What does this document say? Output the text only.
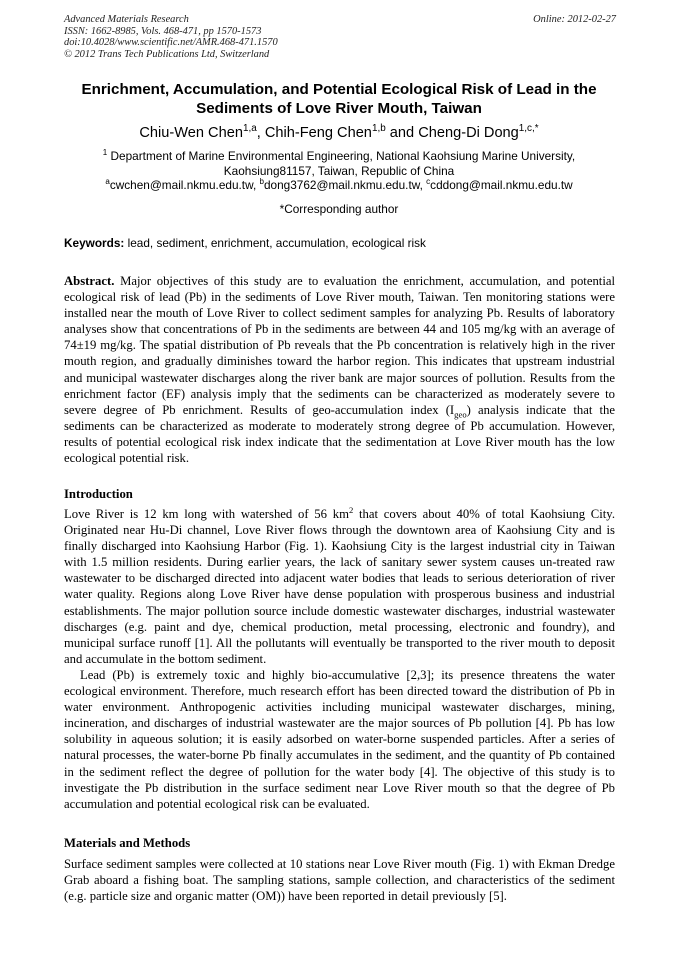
Advanced Materials Research
ISSN: 1662-8985, Vols. 468-471, pp 1570-1573
doi:10.4028/www.scientific.net/AMR.468-471.1570
© 2012 Trans Tech Publications Ltd, Switzerland
Online: 2012-02-27
Enrichment, Accumulation, and Potential Ecological Risk of Lead in the Sediments of Love River Mouth, Taiwan
Chiu-Wen Chen$^{1,a}$, Chih-Feng Chen$^{1,b}$ and Cheng-Di Dong$^{1,c,*}$
$^1$ Department of Marine Environmental Engineering, National Kaohsiung Marine University,
Kaohsiung81157, Taiwan, Republic of China
$^a$cwchen@mail.nkmu.edu.tw, $^b$dong3762@mail.nkmu.edu.tw, $^c$cddong@mail.nkmu.edu.tw
*Corresponding author
Keywords: lead, sediment, enrichment, accumulation, ecological risk

Abstract. Major objectives of this study are to evaluation the enrichment, accumulation, and potential ecological risk of lead (Pb) in the sediments of Love River mouth, Taiwan. Ten monitoring stations were installed near the mouth of Love River to collect sediment samples for analyzing Pb. Results of laboratory analyses show that concentrations of Pb in the sediments are between 44 and 105 mg/kg with an average of 74±19 mg/kg. The spatial distribution of Pb reveals that the Pb concentration is relatively high in the river mouth region, and gradually diminishes toward the harbor region. This indicates that upstream industrial and municipal wastewater discharges along the river bank are major sources of pollution. Results from the enrichment factor (EF) analysis imply that the sediments can be characterized as moderately severe to severe degree of Pb enrichment. Results of geo-accumulation index $(I_{geo})$ analysis indicate that the sediments can be characterized as moderate to moderately strong degree of Pb accumulation. However, results of potential ecological risk index indicate that the sedimentation at Love River mouth has the low ecological potential risk.

Introduction

Love River is 12 km long with watershed of 56 $km^2$ that covers about 40% of total Kaohsiung City. Originated near Hu-Di channel, Love River flows through the downtown area of Kaohsiung City and is finally discharged into Kaohsiung Harbor (Fig. 1). Kaohsiung City is the largest industrial city in Taiwan with 1.5 million residents. During earlier years, the lack of sanitary sewer system causes un-treated raw wastewater to be discharged directed into adjacent water bodies that leads to serious deterioration of river water quality. Regions along Love River have dense population with prosperous business and industrial establishments. The major pollution source include domestic wastewater discharges, industrial wastewater discharges (e.g. paint and dye, chemical production, metal processing, electronic and foundry), and municipal surface runoff [1]. All the pollutants will eventually be transported to the river mouth to deposit and accumulate in the bottom sediment.

Lead (Pb) is extremely toxic and highly bio-accumulative [2,3]; its presence threatens the water ecological environment. Therefore, much research effort has been directed toward the distribution of Pb in water environment. Anthropogenic activities including municipal wastewater discharges, mining, incineration, and discharges of industrial wastewater are the major sources of Pb pollution [4]. Pb has low solubility in aqueous solution; it is easily adsorbed on water-borne suspended particles. After a series of natural processes, the water-borne Pb finally accumulates in the sediment, and the quantity of Pb contained in the sediment reflect the degree of pollution for the water body [4]. The objective of this study is to investigate the Pb distribution in the surface sediment near Love River mouth so that the degree of Pb accumulation and potential ecological risk can be evaluated.

Materials and Methods

Surface sediment samples were collected at 10 stations near Love River mouth (Fig. 1) with Ekman Dredge Grab aboard a fishing boat. The sampling stations, sample collection, and characteristics of the sediment (e.g. particle size and organic matter (OM)) have been reported in detail previously [5].
